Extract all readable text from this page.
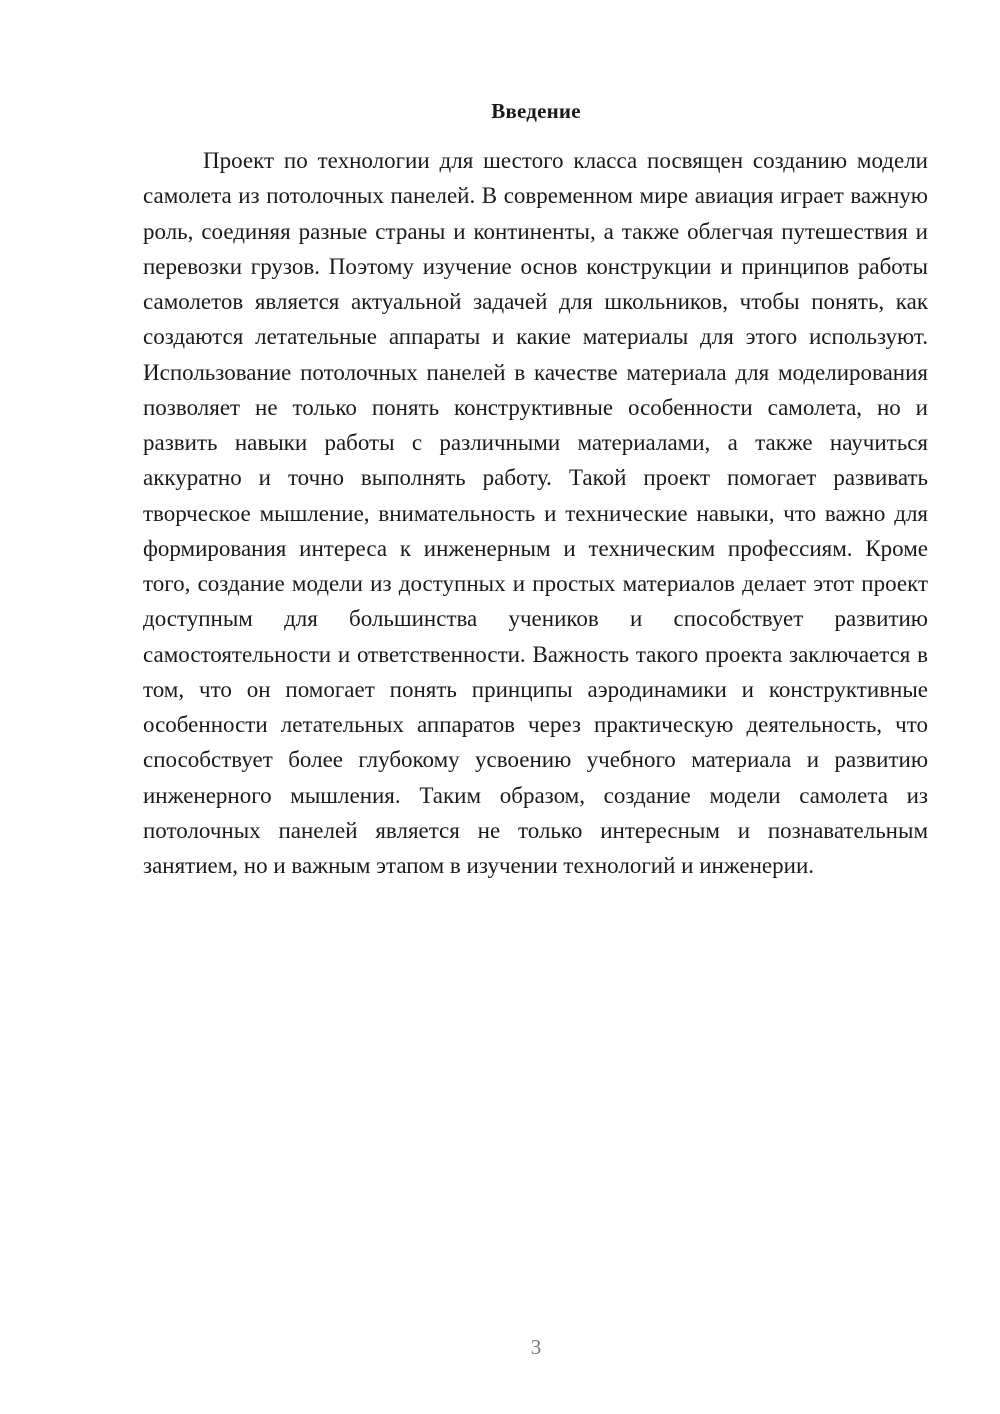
Введение

Проект по технологии для шестого класса посвящен созданию модели самолета из потолочных панелей. В современном мире авиация играет важную роль, соединяя разные страны и континенты, а также облегчая путешествия и перевозки грузов. Поэтому изучение основ конструкции и принципов работы самолетов является актуальной задачей для школьников, чтобы понять, как создаются летательные аппараты и какие материалы для этого используют. Использование потолочных панелей в качестве материала для моделирования позволяет не только понять конструктивные особенности самолета, но и развить навыки работы с различными материалами, а также научиться аккуратно и точно выполнять работу. Такой проект помогает развивать творческое мышление, внимательность и технические навыки, что важно для формирования интереса к инженерным и техническим профессиям. Кроме того, создание модели из доступных и простых материалов делает этот проект доступным для большинства учеников и способствует развитию самостоятельности и ответственности. Важность такого проекта заключается в том, что он помогает понять принципы аэродинамики и конструктивные особенности летательных аппаратов через практическую деятельность, что способствует более глубокому усвоению учебного материала и развитию инженерного мышления. Таким образом, создание модели самолета из потолочных панелей является не только интересным и познавательным занятием, но и важным этапом в изучении технологий и инженерии.

3
